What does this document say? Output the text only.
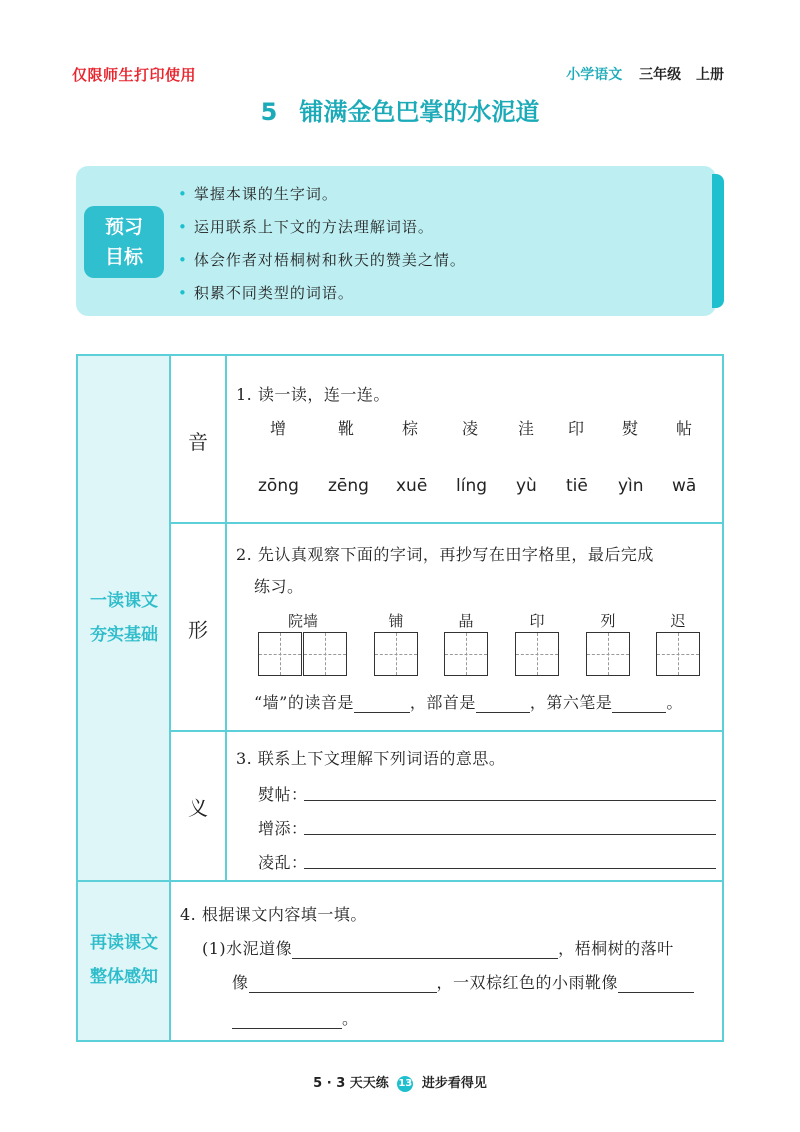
仅限师生打印使用	小学语文 三年级 上册
5 铺满金色巴掌的水泥道
预习
目标
• 掌握本课的生字词。
• 运用联系上下文的方法理解词语。
• 体会作者对梧桐树和秋天的赞美之情。
• 积累不同类型的词语。
一读课文
夯实基础
再读课文
整体感知
音
1. 读一读，连一连。
增	靴	棕	凌 洼 印 熨 帖
zōng zēng xuē líng yù tiē yìn wā
形
2. 先认真观察下面的字词，再抄写在田字格里，最后完成
练习。
院墙	铺	晶	印	列	迟
“墙”的读音是	，部首是	，第六笔是	。
义
3. 联系上下文理解下列词语的意思。
熨帖：
增添：
凌乱：
4. 根据课文内容填一填。
(1)水泥道像	，梧桐树的落叶
像	，一双棕红色的小雨靴像
。
5 · 3 天天练 13 进步看得见
